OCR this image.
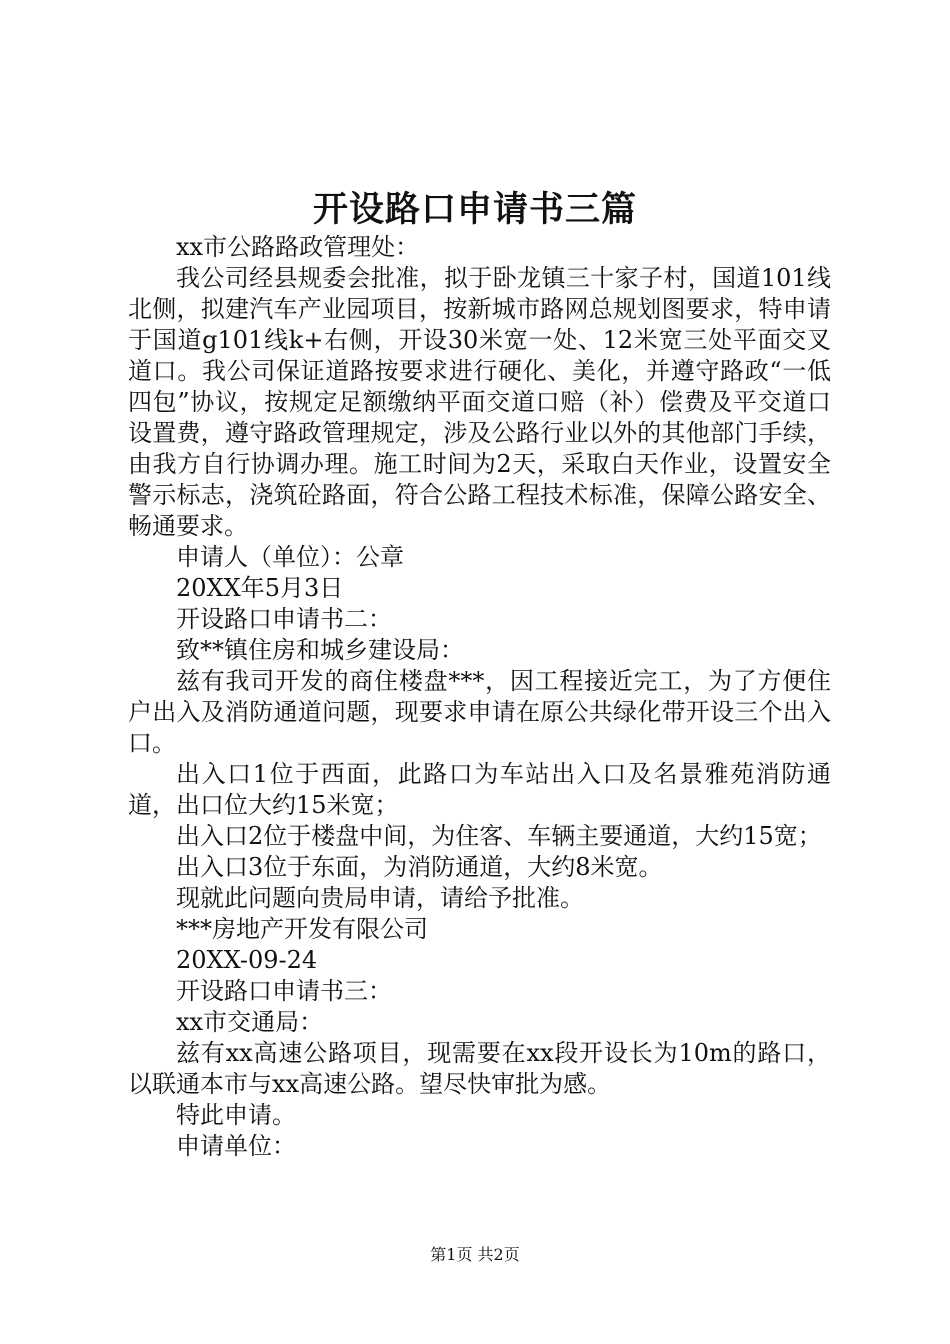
开设路口申请书三篇

xx市公路路政管理处：

我公司经县规委会批准，拟于卧龙镇三十家子村，国道101线北侧，拟建汽车产业园项目，按新城市路网总规划图要求，特申请于国道g101线k+右侧，开设30米宽一处、12米宽三处平面交叉道口。我公司保证道路按要求进行硬化、美化，并遵守路政“一低四包”协议，按规定足额缴纳平面交道口赔（补）偿费及平交道口设置费，遵守路政管理规定，涉及公路行业以外的其他部门手续，由我方自行协调办理。施工时间为2天，采取白天作业，设置安全警示标志，浇筑砼路面，符合公路工程技术标准，保障公路安全、畅通要求。

申请人（单位）：公章

20XX年5月3日

开设路口申请书二：

致**镇住房和城乡建设局：

兹有我司开发的商住楼盘***，因工程接近完工，为了方便住户出入及消防通道问题，现要求申请在原公共绿化带开设三个出入口。

出入口1位于西面，此路口为车站出入口及名景雅苑消防通道，出口位大约15米宽；

出入口2位于楼盘中间，为住客、车辆主要通道，大约15宽；

出入口3位于东面，为消防通道，大约8米宽。

现就此问题向贵局申请，请给予批准。

***房地产开发有限公司

20XX-09-24

开设路口申请书三：

xx市交通局：

兹有xx高速公路项目，现需要在xx段开设长为10m的路口，以联通本市与xx高速公路。望尽快审批为感。

特此申请。

申请单位：

第1页 共2页
